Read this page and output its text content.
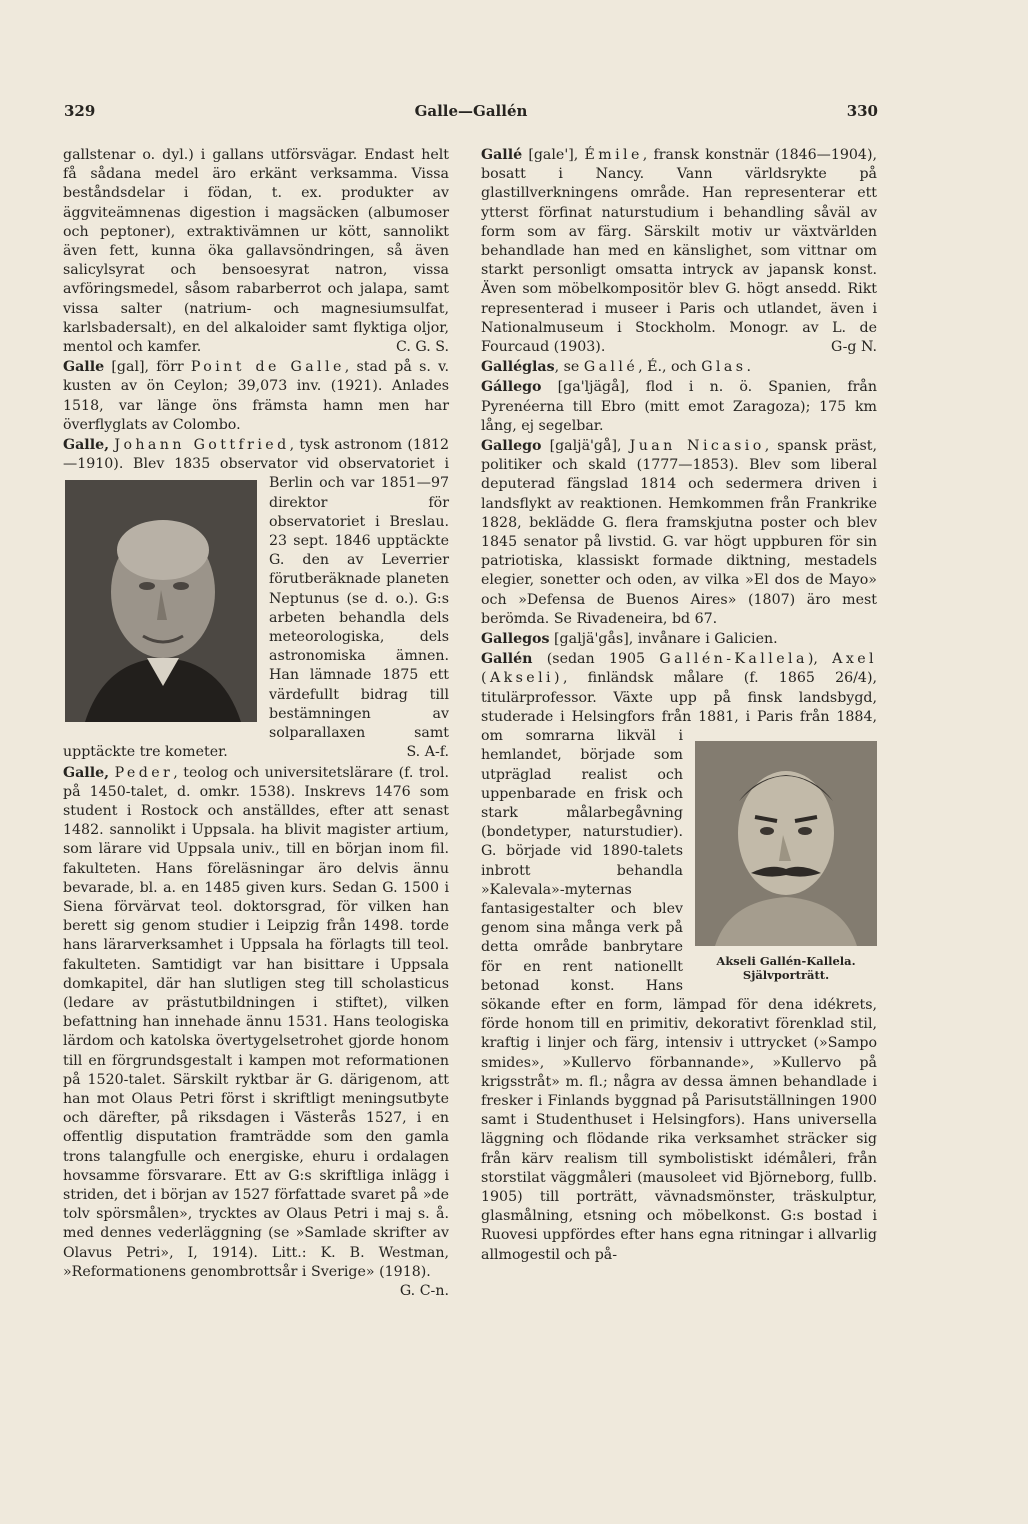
329	Galle—Gallén	330

gallstenar o. dyl.) i gallans utförsvägar. Endast helt få sådana medel äro erkänt verksamma. Vissa beståndsdelar i födan, t. ex. produkter av äggviteämnenas digestion i magsäcken (albumoser och peptoner), extraktivämnen ur kött, sannolikt även fett, kunna öka gallavsöndringen, så även salicylsyrat och bensoesyrat natron, vissa avföringsmedel, såsom rabarberrot och jalapa, samt vissa salter (natrium- och magnesiumsulfat, karlsbadersalt), en del alkaloider samt flyktiga oljor, mentol och kamfer.	C. G. S.

Galle [gal], förr Point de Galle, stad på s. v. kusten av ön Ceylon; 39,073 inv. (1921). Anlades 1518, var länge öns främsta hamn men har överflyglats av Colombo.

Galle, Johann Gottfried, tysk astronom (1812—1910). Blev 1835 observator vid observatoriet i Berlin och var 1851—97 direktor för observatoriet i Breslau. 23 sept. 1846 upptäckte G. den av Leverrier förutberäknade planeten Neptunus (se d. o.). G:s arbeten behandla dels meteorologiska, dels astronomiska ämnen. Han lämnade 1875 ett värdefullt bidrag till bestämningen av solparallaxen samt upptäckte tre kometer.	S. A-f.

Galle, Peder, teolog och universitetslärare (f. trol. på 1450-talet, d. omkr. 1538). Inskrevs 1476 som student i Rostock och anställdes, efter att senast 1482. sannolikt i Uppsala. ha blivit magister artium, som lärare vid Uppsala univ., till en början inom fil. fakulteten. Hans föreläsningar äro delvis ännu bevarade, bl. a. en 1485 given kurs. Sedan G. 1500 i Siena förvärvat teol. doktorsgrad, för vilken han berett sig genom studier i Leipzig från 1498. torde hans lärarverksamhet i Uppsala ha förlagts till teol. fakulteten. Samtidigt var han bisittare i Uppsala domkapitel, där han slutligen steg till scholasticus (ledare av prästutbildningen i stiftet), vilken befattning han innehade ännu 1531. Hans teologiska lärdom och katolska övertygelsetrohet gjorde honom till en förgrundsgestalt i kampen mot reformationen på 1520-talet. Särskilt ryktbar är G. därigenom, att han mot Olaus Petri först i skriftligt meningsutbyte och därefter, på riksdagen i Västerås 1527, i en offentlig disputation framträdde som den gamla trons talangfulle och energiske, ehuru i ordalagen hovsamme försvarare. Ett av G:s skriftliga inlägg i striden, det i början av 1527 författade svaret på »de tolv spörsmålen», trycktes av Olaus Petri i maj s. å. med dennes vederläggning (se »Samlade skrifter av Olavus Petri», I, 1914). Litt.: K. B. Westman, »Reformationens genombrottsår i Sverige» (1918).
G. C-n.

Gallé [gale'], Émile, fransk konstnär (1846—1904), bosatt i Nancy. Vann världsrykte på glastillverkningens område. Han representerar ett ytterst förfinat naturstudium i behandling såväl av form som av färg. Särskilt motiv ur växtvärlden behandlade han med en känslighet, som vittnar om starkt personligt omsatta intryck av japansk konst. Även som möbelkompositör blev G. högt ansedd. Rikt representerad i museer i Paris och utlandet, även i Nationalmuseum i Stockholm. Monogr. av L. de Fourcaud (1903).	G-g N.

Galléglas, se Gallé, É., och Glas.

Gállego [ga'ljägå], flod i n. ö. Spanien, från Pyrenéerna till Ebro (mitt emot Zaragoza); 175 km lång, ej segelbar.

Gallego [galjä'gå], Juan Nicasio, spansk präst, politiker och skald (1777—1853). Blev som liberal deputerad fängslad 1814 och sedermera driven i landsflykt av reaktionen. Hemkommen från Frankrike 1828, beklädde G. flera framskjutna poster och blev 1845 senator på livstid. G. var högt uppburen för sin patriotiska, klassiskt formade diktning, mestadels elegier, sonetter och oden, av vilka »El dos de Mayo» och »Defensa de Buenos Aires» (1807) äro mest berömda. Se Rivadeneira, bd 67.

Gallegos [galjä'gås], invånare i Galicien.

Gallén (sedan 1905 Gallén-Kallela), Axel (Akseli), finländsk målare (f. 1865 26/4), titulärprofessor. Växte upp på finsk landsbygd, studerade i Helsingfors från 1881, i Paris från 1884, om
Akseli Gallén-Kallela.
Självporträtt.
somrarna likväl i hemlandet, började som utpräglad realist och uppenbarade en frisk och stark målarbegåvning (bondetyper, naturstudier). G. började vid 1890-talets inbrott behandla »Kalevala»-myternas fantasigestalter och blev genom sina många verk på detta område banbrytare för en rent nationellt betonad konst. Hans sökande efter en form, lämpad för dena idékrets, förde honom till en primitiv, dekorativt förenklad stil, kraftig i linjer och färg, intensiv i uttrycket (»Sampo smides», »Kullervo förbannande», »Kullervo på krigsstråt» m. fl.; några av dessa ämnen behandlade i fresker i Finlands byggnad på Parisutställningen 1900 samt i Studenthuset i Helsingfors). Hans universella läggning och flödande rika verksamhet sträcker sig från kärv realism till symbolistiskt idémåleri, från storstilat väggmåleri (mausoleet vid Björneborg, fullb. 1905) till porträtt, vävnadsmönster, träskulptur, glasmålning, etsning och möbelkonst. G:s bostad i Ruovesi uppfördes efter hans egna ritningar i allvarlig allmogestil och på-
